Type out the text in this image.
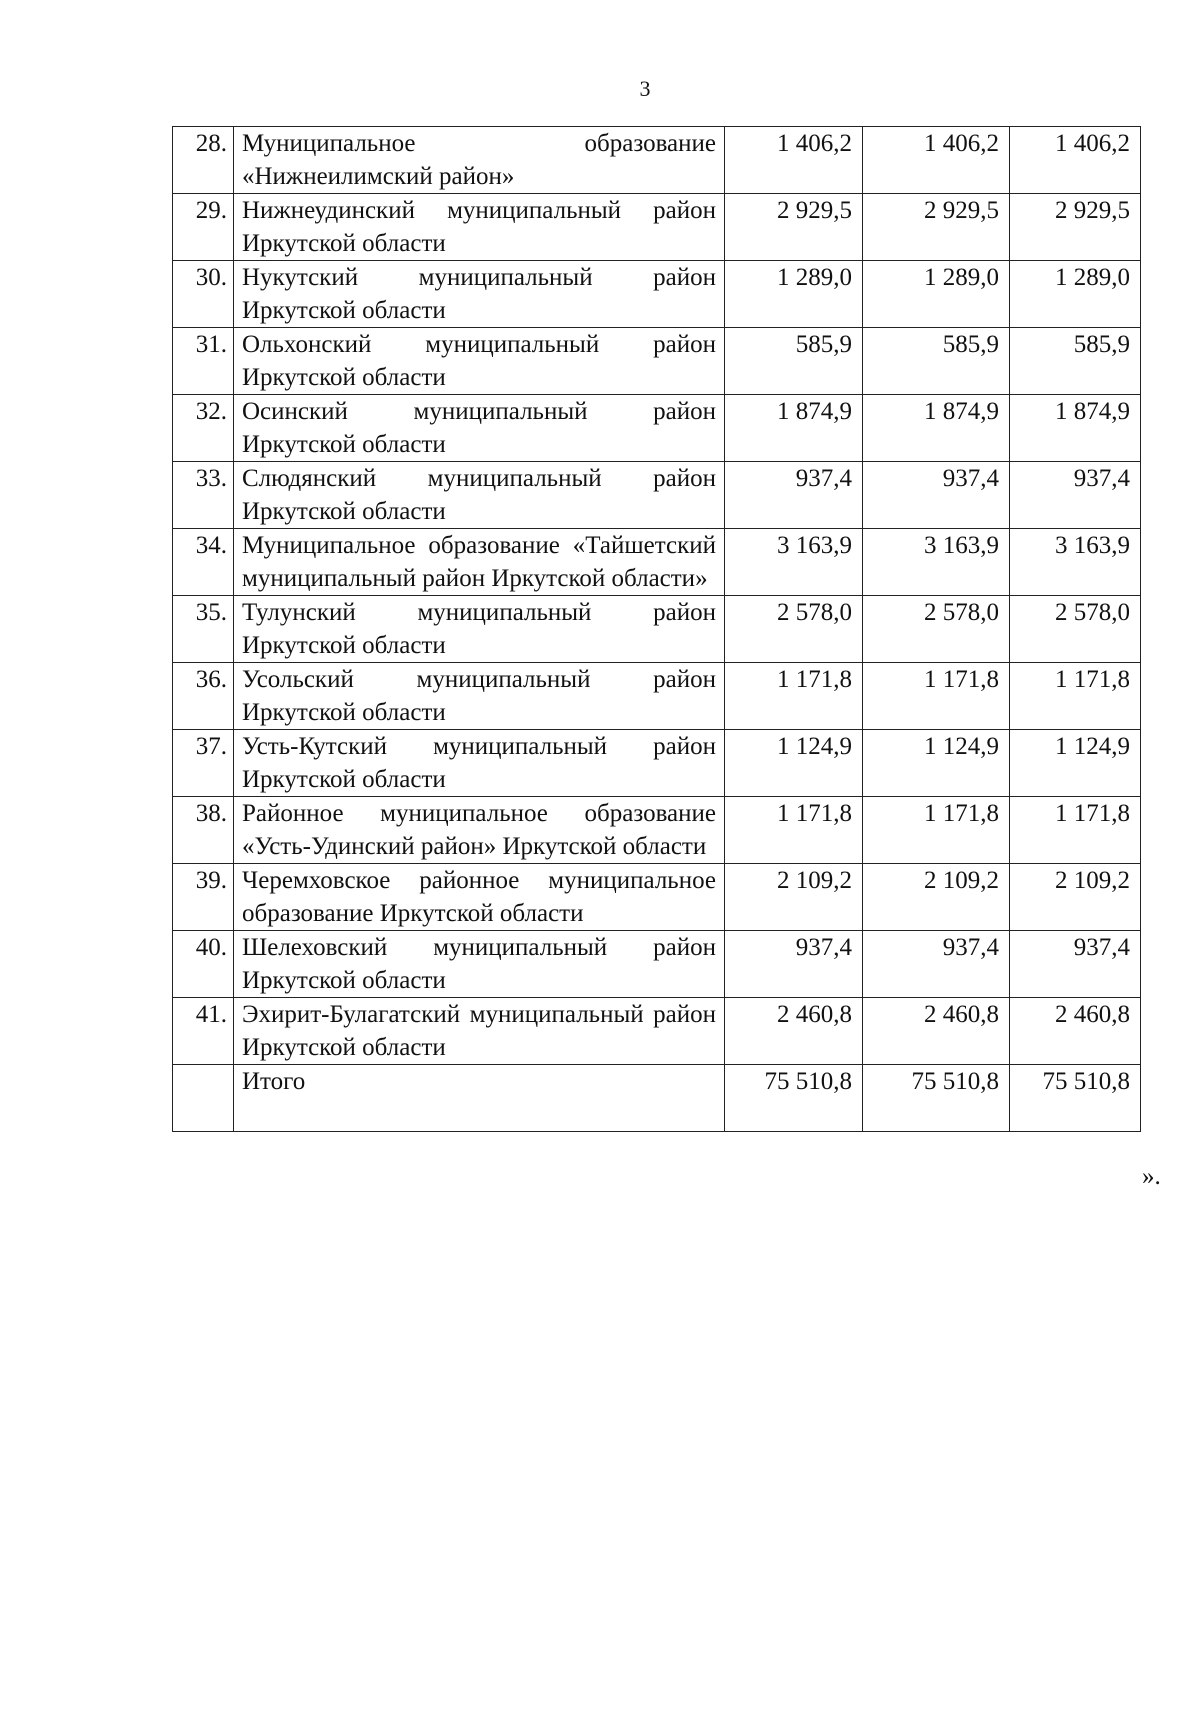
3
28.	Муниципальное образование «Нижнеилимский район»	1 406,2	1 406,2	1 406,2
29.	Нижнеудинский муниципальный район Иркутской области	2 929,5	2 929,5	2 929,5
30.	Нукутский муниципальный район Иркутской области	1 289,0	1 289,0	1 289,0
31.	Ольхонский муниципальный район Иркутской области	585,9	585,9	585,9
32.	Осинский муниципальный район Иркутской области	1 874,9	1 874,9	1 874,9
33.	Слюдянский муниципальный район Иркутской области	937,4	937,4	937,4
34.	Муниципальное образование «Тайшетский муниципальный район Иркутской области»	3 163,9	3 163,9	3 163,9
35.	Тулунский муниципальный район Иркутской области	2 578,0	2 578,0	2 578,0
36.	Усольский муниципальный район Иркутской области	1 171,8	1 171,8	1 171,8
37.	Усть-Кутский муниципальный район Иркутской области	1 124,9	1 124,9	1 124,9
38.	Районное муниципальное образование «Усть-Удинский район» Иркутской области	1 171,8	1 171,8	1 171,8
39.	Черемховское районное муниципальное образование Иркутской области	2 109,2	2 109,2	2 109,2
40.	Шелеховский муниципальный район Иркутской области	937,4	937,4	937,4
41.	Эхирит-Булагатский муниципальный район Иркутской области	2 460,8	2 460,8	2 460,8
	Итого	75 510,8	75 510,8	75 510,8
».
